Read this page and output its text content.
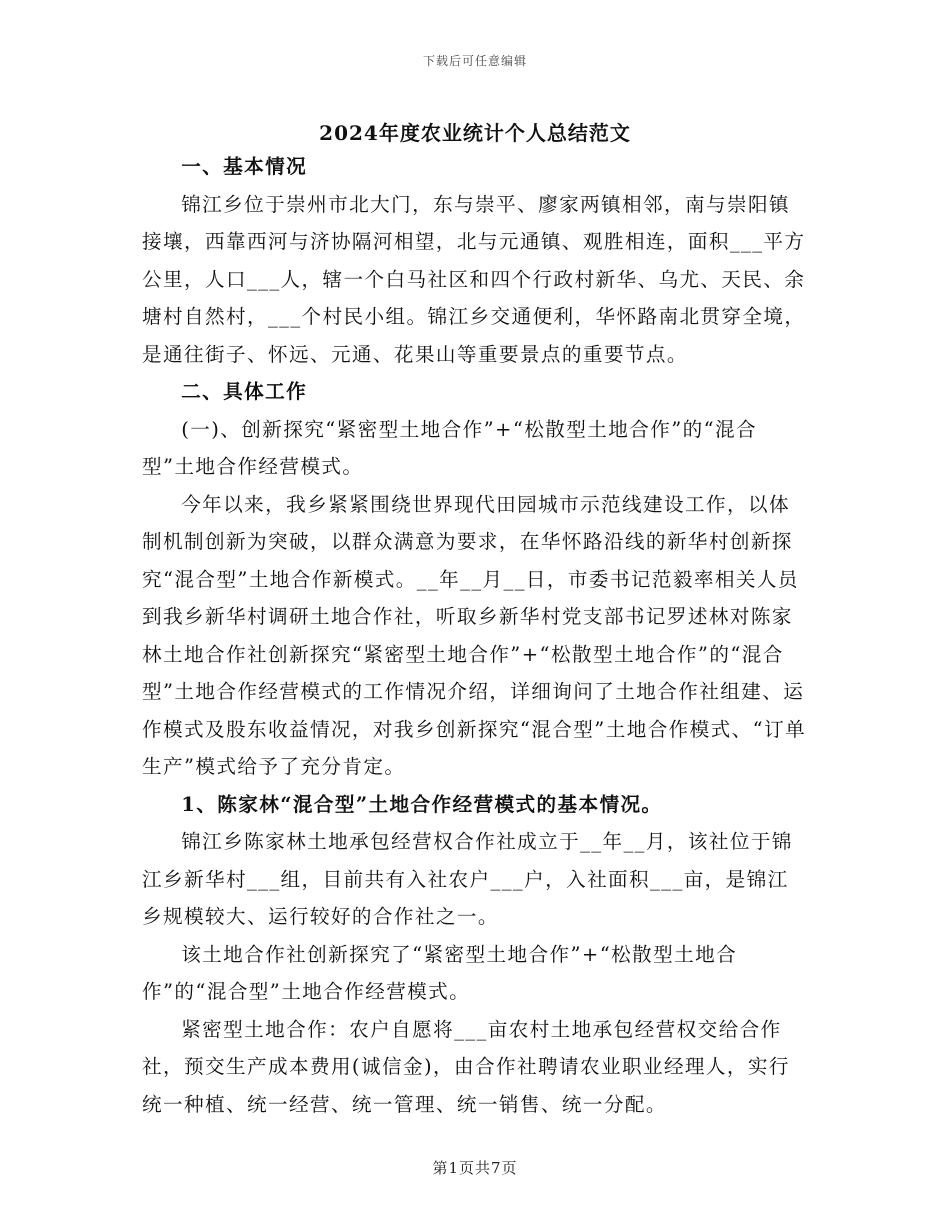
下载后可任意编辑
2024年度农业统计个人总结范文

一、基本情况

锦江乡位于崇州市北大门，东与崇平、廖家两镇相邻，南与崇阳镇接壤，西靠西河与济协隔河相望，北与元通镇、观胜相连，面积___平方公里，人口___人，辖一个白马社区和四个行政村新华、乌尤、天民、余塘村自然村，___个村民小组。锦江乡交通便利，华怀路南北贯穿全境，是通往街子、怀远、元通、花果山等重要景点的重要节点。

二、具体工作

(一)、创新探究“紧密型土地合作”+“松散型土地合作”的“混合型”土地合作经营模式。

今年以来，我乡紧紧围绕世界现代田园城市示范线建设工作，以体制机制创新为突破，以群众满意为要求，在华怀路沿线的新华村创新探究“混合型”土地合作新模式。__年__月__日，市委书记范毅率相关人员到我乡新华村调研土地合作社，听取乡新华村党支部书记罗述林对陈家林土地合作社创新探究“紧密型土地合作”+“松散型土地合作”的“混合型”土地合作经营模式的工作情况介绍，详细询问了土地合作社组建、运作模式及股东收益情况，对我乡创新探究“混合型”土地合作模式、“订单生产”模式给予了充分肯定。

1、陈家林“混合型”土地合作经营模式的基本情况。

锦江乡陈家林土地承包经营权合作社成立于__年__月，该社位于锦江乡新华村___组，目前共有入社农户___户，入社面积___亩，是锦江乡规模较大、运行较好的合作社之一。

该土地合作社创新探究了“紧密型土地合作”+“松散型土地合作”的“混合型”土地合作经营模式。

紧密型土地合作：农户自愿将___亩农村土地承包经营权交给合作社，预交生产成本费用(诚信金)，由合作社聘请农业职业经理人，实行统一种植、统一经营、统一管理、统一销售、统一分配。

第1页共7页
